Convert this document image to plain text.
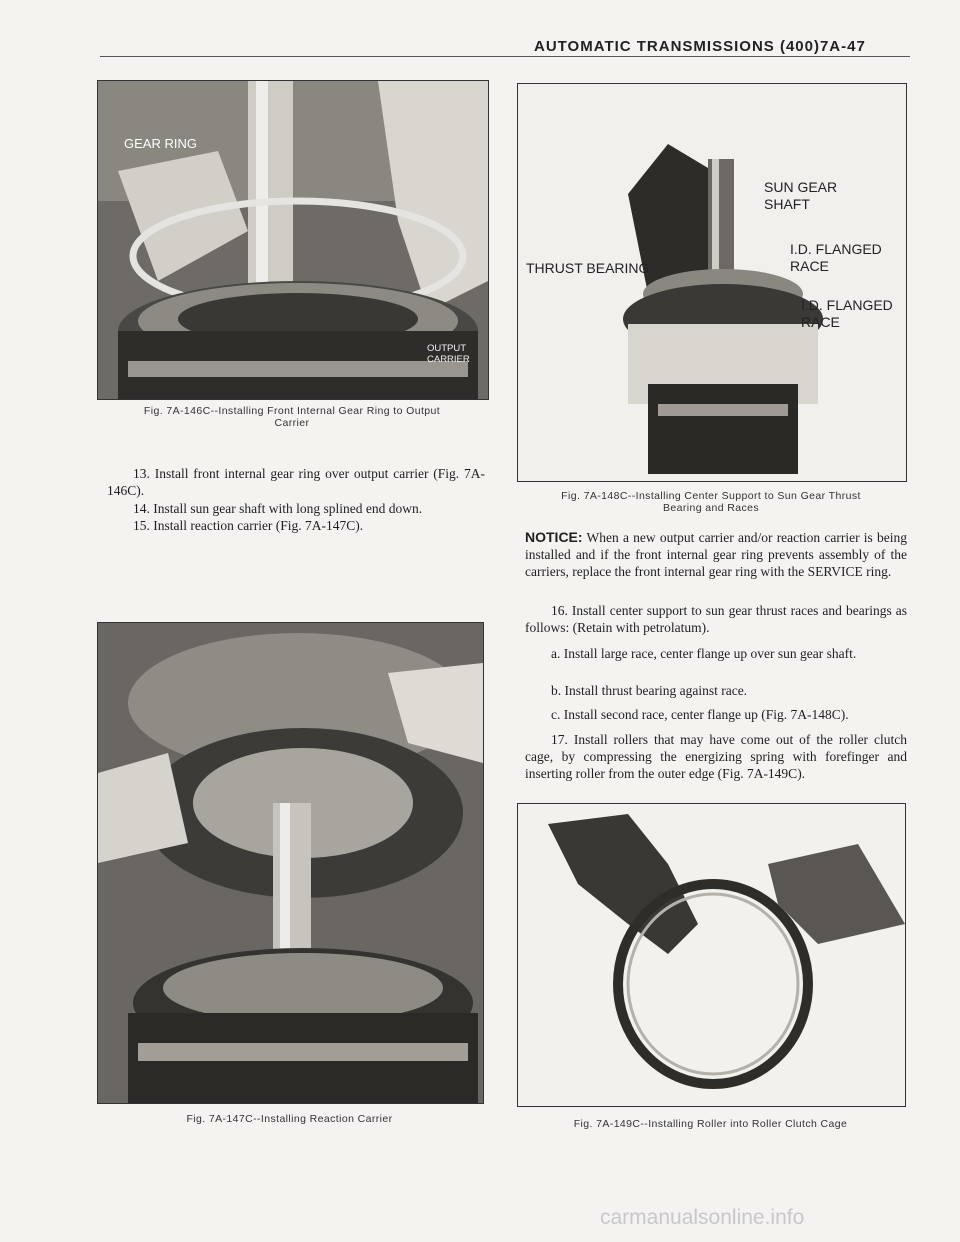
AUTOMATIC TRANSMISSIONS (400)7A-47
GEAR RING
OUTPUT CARRIER
Fig. 7A-146C--Installing Front Internal Gear Ring to Output
Carrier

13. Install front internal gear ring over output carrier (Fig. 7A-146C).

14. Install sun gear shaft with long splined end down.

15. Install reaction carrier (Fig. 7A-147C).

Fig. 7A-147C--Installing Reaction Carrier
SUN GEAR SHAFT
I.D. FLANGED RACE
THRUST BEARING
I.D. FLANGED RACE
Fig. 7A-148C--Installing Center Support to Sun Gear Thrust
Bearing and Races

NOTICE: When a new output carrier and/or reaction carrier is being installed and if the front internal gear ring prevents assembly of the carriers, replace the front internal gear ring with the SERVICE ring.

16. Install center support to sun gear thrust races and bearings as follows: (Retain with petrolatum).

a. Install large race, center flange up over sun gear shaft.

b. Install thrust bearing against race.

c. Install second race, center flange up (Fig. 7A-148C).

17. Install rollers that may have come out of the roller clutch cage, by compressing the energizing spring with forefinger and inserting roller from the outer edge (Fig. 7A-149C).

Fig. 7A-149C--Installing Roller into Roller Clutch Cage
carmanualsonline.info
